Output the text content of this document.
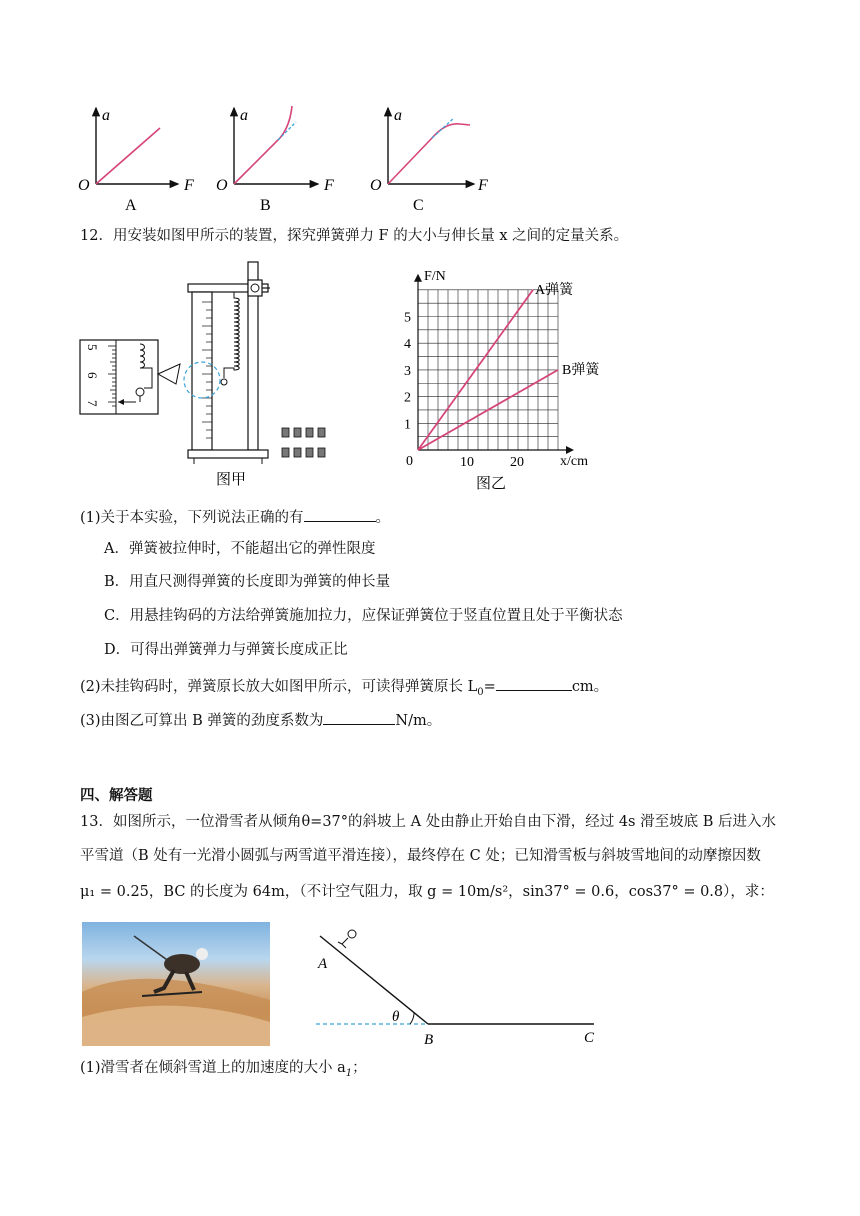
a
O	F
A
a
O	F
B
a
O	F
C
12．用安装如图甲所示的装置，探究弹簧弹力 F 的大小与伸长量 x 之间的定量关系。
5
6
7
图甲
10	20
1
2
3
4
5
A弹簧
B弹簧
F/N
x/cm
0
图乙
(1)关于本实验，下列说法正确的有	。
A．弹簧被拉伸时，不能超出它的弹性限度
B．用直尺测得弹簧的长度即为弹簧的伸长量
C．用悬挂钩码的方法给弹簧施加拉力，应保证弹簧位于竖直位置且处于平衡状态
D．可得出弹簧弹力与弹簧长度成正比
(2)未挂钩码时，弹簧原长放大如图甲所示，可读得弹簧原长 $L_0=$	cm。
(3)由图乙可算出 B 弹簧的劲度系数为	N/m。
四、解答题
13．如图所示，一位滑雪者从倾角θ=37°的斜坡上 A 处由静止开始自由下滑，经过 4s 滑至坡底 B 后进入水
平雪道（B 处有一光滑小圆弧与两雪道平滑连接），最终停在 C 处；已知滑雪板与斜坡雪地间的动摩擦因数
μ₁ = 0.25，BC 的长度为 64m，（不计空气阻力，取 g = 10m/s²，sin37° = 0.6，cos37° = 0.8），求：
A
θ
B	C
(1)滑雪者在倾斜雪道上的加速度的大小 $a_1$；
